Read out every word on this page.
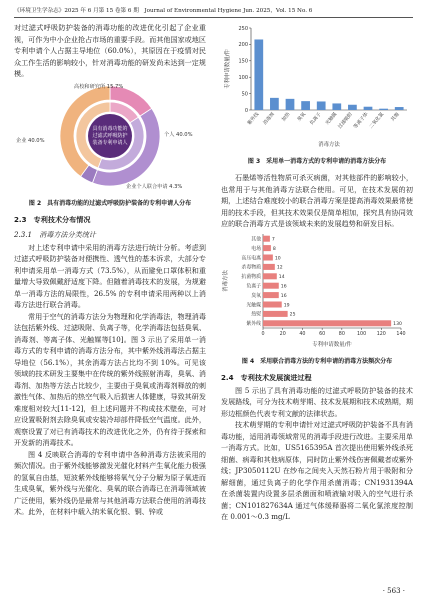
《环境卫生学杂志》2025 年 6 月第 15 卷第 6 期　Journal of Environmental Hygiene Jun. 2025，Vol. 15 No. 6

对过滤式呼吸防护装备的消毒功能的改进优化引起了企业重视，可作为中小企业抢占市场的重要手段。而其他国家或地区专利申请个人占据主导地位（60.0%），其原因在于疫情对民众工作生活的影响较小，针对消毒功能的研发尚未达到一定规模。

具有消毒功能的
过滤式呼吸防护
装备专利申请人
高校和研究所 15.7%
个人 40.0%
企业 40.0%
企业个人联合申请 4.3%
图 2　具有消毒功能的过滤式呼吸防护装备的专利申请人分布
2.3　专利技术分布情况
2.3.1　消毒方法分类统计

对上述专利申请中采用的消毒方法进行统计分析。考虑到过滤式呼吸防护装备对便携性、透气性的基本诉求，大部分专利申请采用单一消毒方式（73.5%），从而避免口罩体积和重量增大导致佩戴舒适度下降。但随着消毒技术的发展，为规避单一消毒方法的局限性，26.5% 的专利申请采用两种以上消毒方法进行联合消毒。

常用于空气的消毒方法分为物理和化学消毒法，物理消毒法包括紫外线、过滤吸附、负离子等，化学消毒法包括臭氧、消毒剂、等离子体、光触媒等[10]。图 3 示出了采用单一消毒方式的专利申请的消毒方法分布，其中紫外线消毒法占据主导地位（56.1%），其余消毒方法占比均不到 10%。可见该领域的技术研发主要集中在传统的紫外线照射消毒，臭氧、消毒剂、加热等方法占比较少，主要由于臭氧或消毒剂释放的刺激性气体、加热后的热空气吸入后损害人体健康，导致其研发难度相对较大[11-12]，但上述问题并不构成技术壁垒，可对应设置吸附剂去除臭氧或安装冷却部件降低空气温度。此外，观察设置了对已有消毒技术的改进优化之外，仍有待于探索和开发新的消毒技术。

图 4 反映联合消毒的专利申请中各种消毒方法被采用的频次情况。由于紫外线能够激发光催化材料产生氧化能力极强的氢氧自由基，短波紫外线能够将氧气分子分解为原子氧进而生成臭氧，紫外线与光催化、臭氧的联合消毒已在消毒领域被广泛使用，紫外线仍是最常与其他消毒方法联合使用的消毒技术。此外，在材料中载入纳米氧化银、铜、锌或

0
50
100
150
200
250
紫外线 消毒剂	加热	臭氧 负离子 光触媒 过滤吸附 等离子体 二氧化氯	其他
消毒方法
专利申请数量/件
图 3　采用单一消毒方式的专利申请的消毒方法分布

石墨烯等活性物质可杀灭病菌，对其他部件的影响较小，也常用于与其他消毒方法联合使用。可见，在技术发展的初期，上述结合难度较小的联合消毒方案是提高消毒效果最常使用的技术手段，但其技术效果仅是简单相加，探究具有协同效应的联合消毒方式是该领域未来的发展趋势和研发目标。

0	20	40	60	80	100 120 140
其他 7
电场	8
高压电离	10
杀毒物质	12
抗菌物质	14
负离子	16
臭氧	16
光触媒	19
热熨	25
紫外线	130
专利申请数量/件
消毒方法
图 4　采用联合消毒方法的专利申请的消毒方法频次分布
2.4　专利技术发展演进过程

图 5 示出了具有消毒功能的过滤式呼吸防护装备的技术发展路线，可分为技术萌芽期、技术发展期和技术成熟期，期形边框颜色代表专利文献的法律状态。

技术萌芽期的专利申请针对过滤式呼吸防护装备不具有消毒功能，适用消毒领域常见的消毒手段进行改进。主要采用单一消毒方式。比如，US5165395A 首次提出使用紫外线杀死细菌、病毒和其他病原体，同时防止紫外线伤害佩戴者或紫外线；JP3050112U 在纱布之间夹入天然石粉片用于吸附和分解细菌，通过负离子的化学作用杀菌消毒；CN1931394A 在杀菌装置内设置多层杀菌面和喷液输对吸入的空气进行杀菌；CN101827634A 通过气体缓释器将二氧化氯浓度控制在 0.001～0.3 mg/L

· 563 ·
